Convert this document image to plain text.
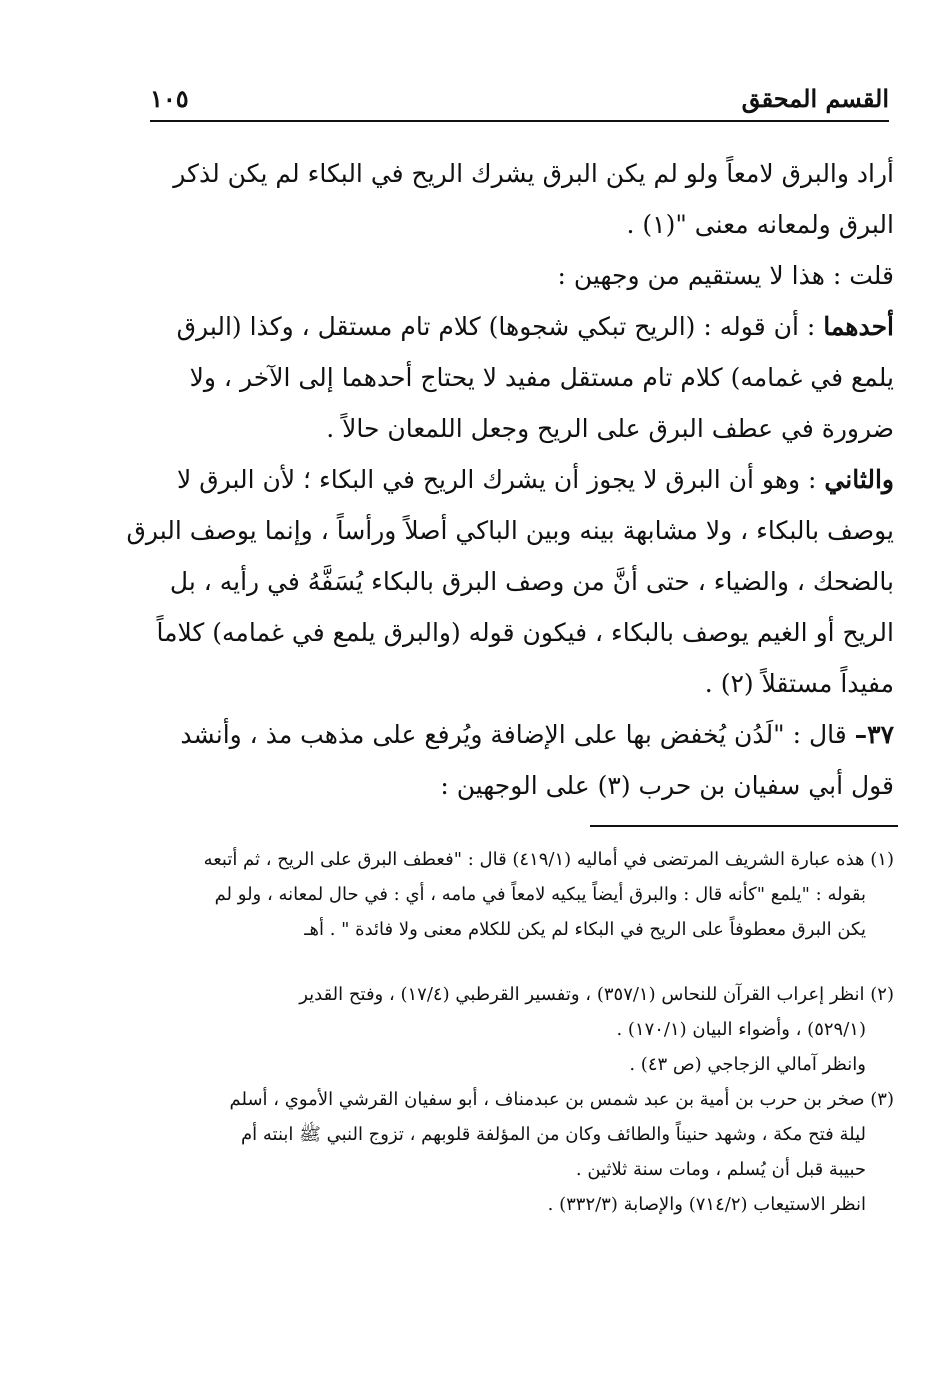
القسم المحقق
١٠٥
أراد والبرق لامعاً ولو لم يكن البرق يشرك الريح في البكاء لم يكن لذكر
البرق ولمعانه معنى "(١) .
قلت : هذا لا يستقيم من وجهين :
أحدهما : أن قوله : (الريح تبكي شجوها) كلام تام مستقل ، وكذا (البرق
يلمع في غمامه) كلام تام مستقل مفيد لا يحتاج أحدهما إلى الآخر ، ولا
ضرورة في عطف البرق على الريح وجعل اللمعان حالاً .
والثاني : وهو أن البرق لا يجوز أن يشرك الريح في البكاء ؛ لأن البرق لا
يوصف بالبكاء ، ولا مشابهة بينه وبين الباكي أصلاً ورأساً ، وإنما يوصف البرق
بالضحك ، والضياء ، حتى أنَّ من وصف البرق بالبكاء يُسَفَّهُ في رأيه ، بل
الريح أو الغيم يوصف بالبكاء ، فيكون قوله (والبرق يلمع في غمامه) كلاماً
مفيداً مستقلاً (٢) .
٣٧– قال : "لَدُن يُخفض بها على الإضافة ويُرفع على مذهب مذ ، وأنشد
قول أبي سفيان بن حرب (٣) على الوجهين :
(١) هذه عبارة الشريف المرتضى في أماليه (٤١٩/١) قال : "فعطف البرق على الريح ، ثم أتبعه
بقوله : "يلمع "كأنه قال : والبرق أيضاً يبكيه لامعاً في مامه ، أي : في حال لمعانه ، ولو لم
يكن البرق معطوفاً على الريح في البكاء لم يكن للكلام معنى ولا فائدة " . أهـ
(٢) انظر إعراب القرآن للنحاس (٣٥٧/١) ، وتفسير القرطبي (١٧/٤) ، وفتح القدير
(٥٢٩/١) ، وأضواء البيان (١٧٠/١) .
وانظر آمالي الزجاجي (ص ٤٣) .
(٣) صخر بن حرب بن أمية بن عبد شمس بن عبدمناف ، أبو سفيان القرشي الأموي ، أسلم
ليلة فتح مكة ، وشهد حنيناً والطائف وكان من المؤلفة قلوبهم ، تزوج النبي ﷺ ابنته أم
حبيبة قبل أن يُسلم ، ومات سنة ثلاثين .
انظر الاستيعاب (٧١٤/٢) والإصابة (٣٣٢/٣) .
